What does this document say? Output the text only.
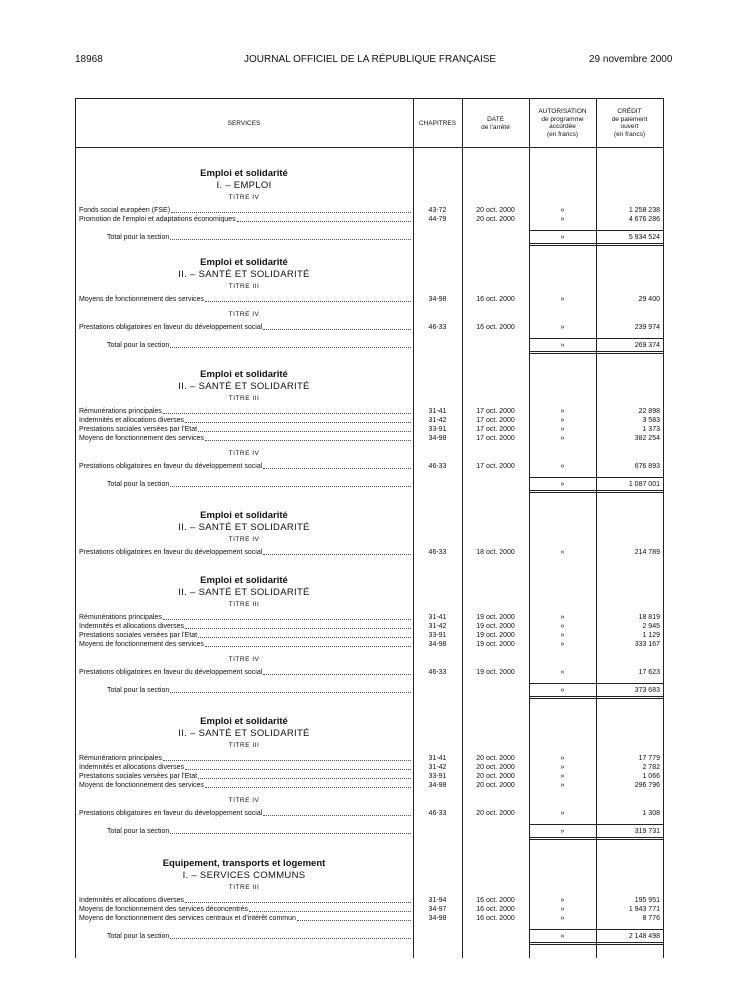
18968	JOURNAL OFFICIEL DE LA RÉPUBLIQUE FRANÇAISE	29 novembre 2000
SERVICES	CHAPITRES
DATE
de l'arrêté
AUTORISATION
de programme
accordée
(en francs)
CRÉDIT
de paiement
ouvert
(en francs)
Emploi et solidarité
I. – EMPLOI
TITRE IV
Fonds social européen (FSE)	43-72	20 oct. 2000	»	1 258 238
Promotion de l'emploi et adaptations économiques	44-79	20 oct. 2000	»	4 676 286
Total pour la section	»	5 934 524
Emploi et solidarité
II. – SANTÉ ET SOLIDARITÉ
TITRE III
Moyens de fonctionnement des services	34-98	16 oct. 2000	»	29 400
TITRE IV
Prestations obligatoires en faveur du développement social	46-33	16 oct. 2000	»	239 974
Total pour la section	»	269 374
Emploi et solidarité
II. – SANTÉ ET SOLIDARITÉ
TITRE III
Rémunérations principales	31-41	17 oct. 2000	»	22 898
Indemnités et allocations diverses	31-42	17 oct. 2000	»	3 583
Prestations sociales versées par l'Etat	33-91	17 oct. 2000	»	1 373
Moyens de fonctionnement des services	34-98	17 oct. 2000	»	382 254
TITRE IV
Prestations obligatoires en faveur du développement social	46-33	17 oct. 2000	»	676 893
Total pour la section	»	1 087 001
Emploi et solidarité
II. – SANTÉ ET SOLIDARITÉ
TITRE IV
Prestations obligatoires en faveur du développement social	46-33	18 oct. 2000	»	214 789
Emploi et solidarité
II. – SANTÉ ET SOLIDARITÉ
TITRE III
Rémunérations principales	31-41	19 oct. 2000	»	18 819
Indemnités et allocations diverses	31-42	19 oct. 2000	»	2 945
Prestations sociales versées par l'Etat	33-91	19 oct. 2000	»	1 129
Moyens de fonctionnement des services	34-98	19 oct. 2000	»	333 167
TITRE IV
Prestations obligatoires en faveur du développement social	46-33	19 oct. 2000	»	17 623
Total pour la section	»	373 683
Emploi et solidarité
II. – SANTÉ ET SOLIDARITÉ
TITRE III
Rémunérations principales	31-41	20 oct. 2000	»	17 779
Indemnités et allocations diverses	31-42	20 oct. 2000	»	2 782
Prestations sociales versées par l'Etat	33-91	20 oct. 2000	»	1 066
Moyens de fonctionnement des services	34-98	20 oct. 2000	»	296 796
TITRE IV
Prestations obligatoires en faveur du développement social	46-33	20 oct. 2000	»	1 308
Total pour la section	»	319 731
Equipement, transports et logement
I. – SERVICES COMMUNS
TITRE III
Indemnités et allocations diverses	31-94	16 oct. 2000	»	195 951
Moyens de fonctionnement des services déconcentrés	34-97	16 oct. 2000	»	1 943 771
Moyens de fonctionnement des services centraux et d'intérêt commun	34-98	16 oct. 2000	»	8 776
Total pour la section	»	2 148 498
